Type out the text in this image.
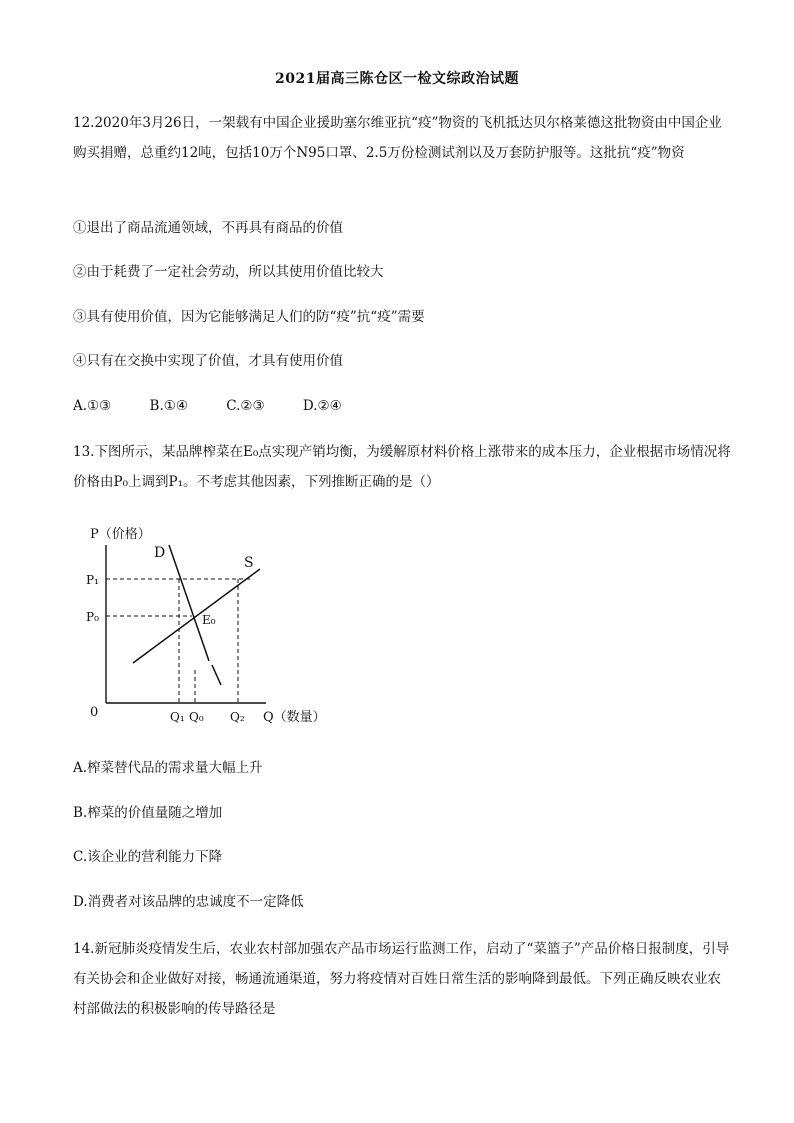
2021届高三陈仓区一检文综政治试题

12.2020年3月26日，一架载有中国企业援助塞尔维亚抗“疫”物资的飞机抵达贝尔格莱德这批物资由中国企业购买捐赠，总重约12吨，包括10万个N95口罩、2.5万份检测试剂以及万套防护服等。这批抗“疫”物资

①退出了商品流通领域，不再具有商品的价值
②由于耗费了一定社会劳动，所以其使用价值比较大
③具有使用价值，因为它能够满足人们的防“疫”抗“疫”需要
④只有在交换中实现了价值，才具有使用价值
A.①③	B.①④	C.②③	D.②④

13.下图所示，某品牌榨菜在E₀点实现产销均衡，为缓解原材料价格上涨带来的成本压力，企业根据市场情况将价格由P₀上调到P₁。不考虑其他因素，下列推断正确的是（）

P（价格）
D
S
P₁
P₀	E₀
0	Q₁ Q₀ Q₂ Q（数量）
A.榨菜替代品的需求量大幅上升
B.榨菜的价值量随之增加
C.该企业的营利能力下降
D.消费者对该品牌的忠诚度不一定降低

14.新冠肺炎疫情发生后，农业农村部加强农产品市场运行监测工作，启动了“菜篮子”产品价格日报制度，引导有关协会和企业做好对接，畅通流通渠道，努力将疫情对百姓日常生活的影响降到最低。下列正确反映农业农村部做法的积极影响的传导路径是
